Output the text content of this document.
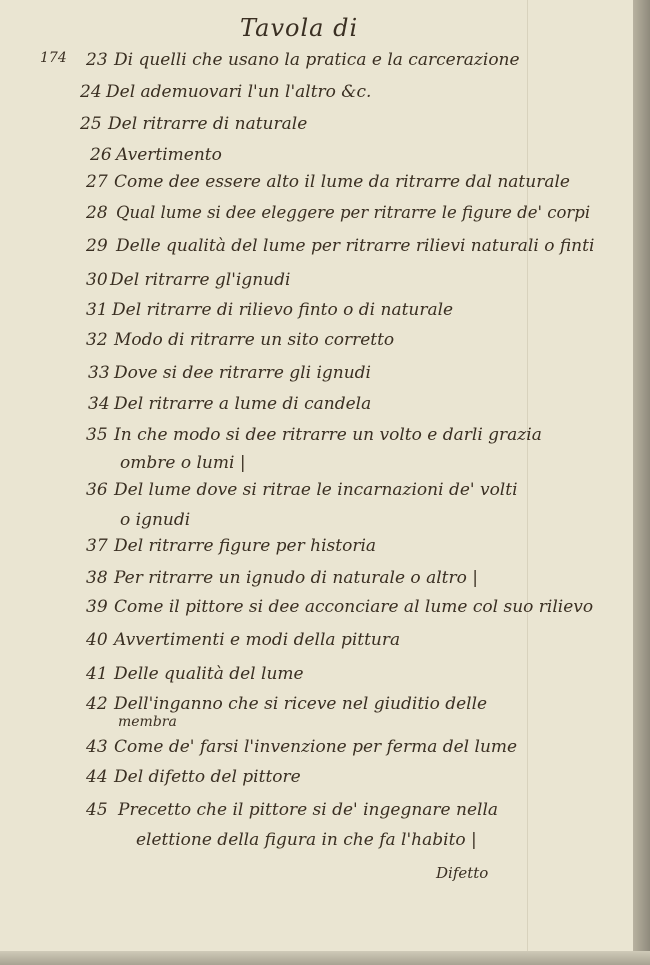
Tavola di
174 23 Di quelli che usano la pratica e la carcerazione
24 Del ademuovari l'un l'altro &c.
25 Del ritrarre di naturale
26 Avertimento
27 Come dee essere alto il lume da ritrarre dal naturale
28 Qual lume si dee eleggere per ritrarre le figure de' corpi
29 Delle qualità del lume per ritrarre rilievi naturali o finti
30 Del ritrarre gl'ignudi
31 Del ritrarre di rilievo finto o di naturale
32 Modo di ritrarre un sito corretto
33 Dove si dee ritrarre gli ignudi
34 Del ritrarre a lume di candela
35 In che modo si dee ritrarre un volto e darli grazia
ombre o lumi |
36 Del lume dove si ritrae le incarnazioni de' volti
o ignudi
37 Del ritrarre figure per historia
38 Per ritrarre un ignudo di naturale o altro |
39 Come il pittore si dee acconciare al lume col suo rilievo
40 Avvertimenti e modi della pittura
41 Delle qualità del lume
42 Dell'inganno che si riceve nel giuditio delle
membra
43 Come de' farsi l'invenzione per ferma del lume
44 Del difetto del pittore
45 Precetto che il pittore si de' ingegnare nella
elettione della figura in che fa l'habito |
Difetto
